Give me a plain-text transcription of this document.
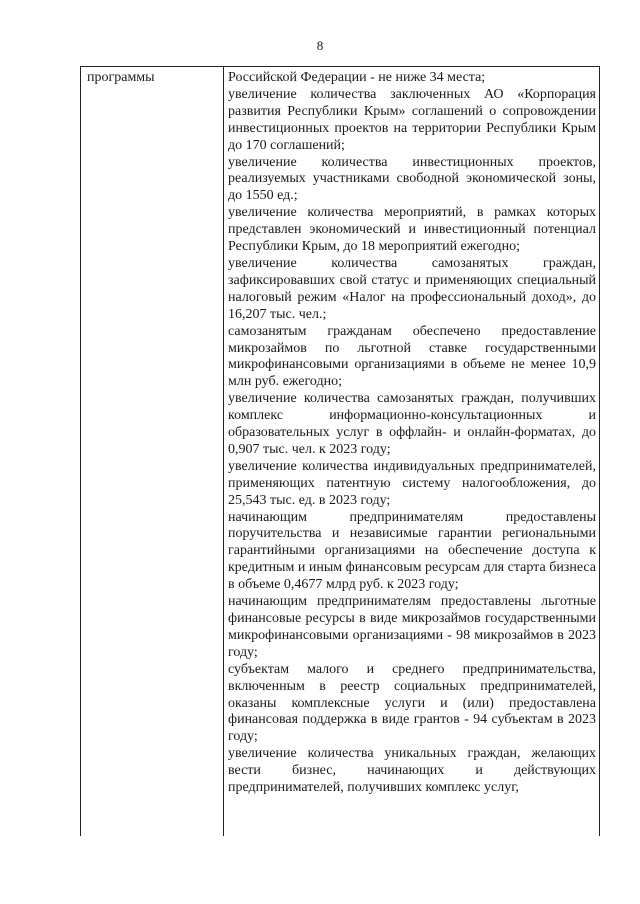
8
программы	Российской Федерации - не ниже 34 места;

увеличение количества заключенных АО «Корпорация развития Республики Крым» соглашений о сопровождении инвестиционных проектов на территории Республики Крым до 170 соглашений;

увеличение количества инвестиционных проектов, реализуемых участниками свободной экономической зоны, до 1550 ед.;

увеличение количества мероприятий, в рамках которых представлен экономический и инвестиционный потенциал Республики Крым, до 18 мероприятий ежегодно;

увеличение количества самозанятых граждан, зафиксировавших свой статус и применяющих специальный налоговый режим «Налог на профессиональный доход», до 16,207 тыс. чел.;

самозанятым гражданам обеспечено предоставление микрозаймов по льготной ставке государственными микрофинансовыми организациями в объеме не менее 10,9 млн руб. ежегодно;

увеличение количества самозанятых граждан, получивших комплекс информационно-консультационных и образовательных услуг в оффлайн- и онлайн-форматах, до 0,907 тыс. чел. к 2023 году;

увеличение количества индивидуальных предпринимателей, применяющих патентную систему налогообложения, до 25,543 тыс. ед. в 2023 году;

начинающим предпринимателям предоставлены поручительства и независимые гарантии региональными гарантийными организациями на обеспечение доступа к кредитным и иным финансовым ресурсам для старта бизнеса в объеме 0,4677 млрд руб. к 2023 году;

начинающим предпринимателям предоставлены льготные финансовые ресурсы в виде микрозаймов государственными микрофинансовыми организациями - 98 микрозаймов в 2023 году;

субъектам малого и среднего предпринимательства, включенным в реестр социальных предпринимателей, оказаны комплексные услуги и (или) предоставлена финансовая поддержка в виде грантов - 94 субъектам в 2023 году;

увеличение количества уникальных граждан, желающих вести бизнес, начинающих и действующих предпринимателей, получивших комплекс услуг,
